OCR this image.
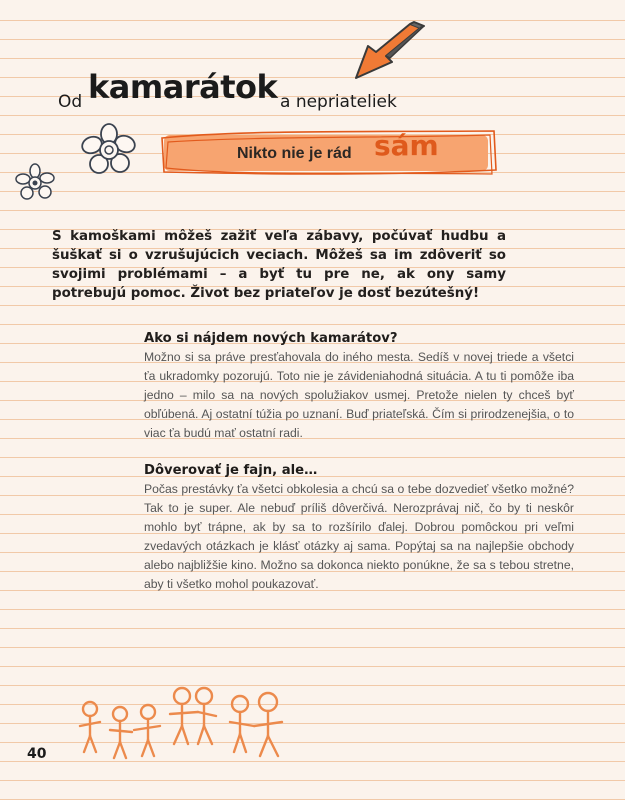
Od kamarátok a nepriateliek
Nikto nie je rád sám

S kamoškami môžeš zažiť veľa zábavy, počúvať hudbu a šuškať si o vzrušujúcich veciach. Môžeš sa im zdôveriť so svojimi problémami – a byť tu pre ne, ak ony samy potrebujú pomoc. Život bez priateľov je dosť bezútešný!

Ako si nájdem nových kamarátov?

Možno si sa práve presťahovala do iného mesta. Sedíš v novej triede a všetci ťa ukradomky pozorujú. Toto nie je závideniahodná situácia. A tu ti pomôže iba jedno – milo sa na nových spolužiakov usmej. Pretože nielen ty chceš byť obľúbená. Aj ostatní túžia po uznaní. Buď priateľská. Čím si prirodzenejšia, o to viac ťa budú mať ostatní radi.

Dôverovať je fajn, ale…

Počas prestávky ťa všetci obkolesia a chcú sa o tebe dozvedieť všetko možné? Tak to je super. Ale nebuď príliš dôverčivá. Nerozprávaj nič, čo by ti neskôr mohlo byť trápne, ak by sa to rozšírilo ďalej. Dobrou pomôckou pri veľmi zvedavých otázkach je klásť otázky aj sama. Popýtaj sa na najlepšie obchody alebo najbližšie kino. Možno sa dokonca niekto ponúkne, že sa s tebou stretne, aby ti všetko mohol poukazovať.

40
